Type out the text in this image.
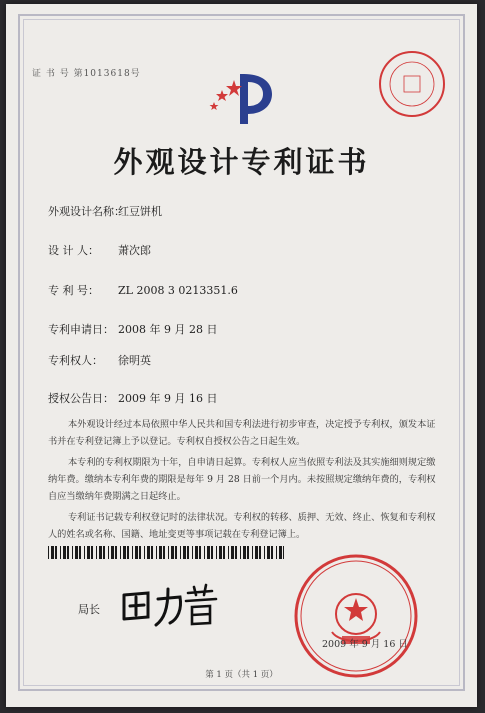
证 书 号 第1013618号
外观设计专利证书
外观设计名称：红豆饼机
设 计 人： 萧次郎
专 利 号： ZL 2008 3 0213351.6
专利申请日： 2008 年 9 月 28 日
专利权人： 徐明英
授权公告日： 2009 年 9 月 16 日

本外观设计经过本局依照中华人民共和国专利法进行初步审查，决定授予专利权，颁发本证书并在专利登记簿上予以登记。专利权自授权公告之日起生效。

本专利的专利权期限为十年，自申请日起算。专利权人应当依照专利法及其实施细则规定缴纳年费。缴纳本专利年费的期限是每年 9 月 28 日前一个月内。未按照规定缴纳年费的，专利权自应当缴纳年费期满之日起终止。

专利证书记载专利权登记时的法律状况。专利权的转移、质押、无效、终止、恢复和专利权人的姓名或名称、国籍、地址变更等事项记载在专利登记簿上。

局长
2009 年 9 月 16 日
第 1 页（共 1 页）
